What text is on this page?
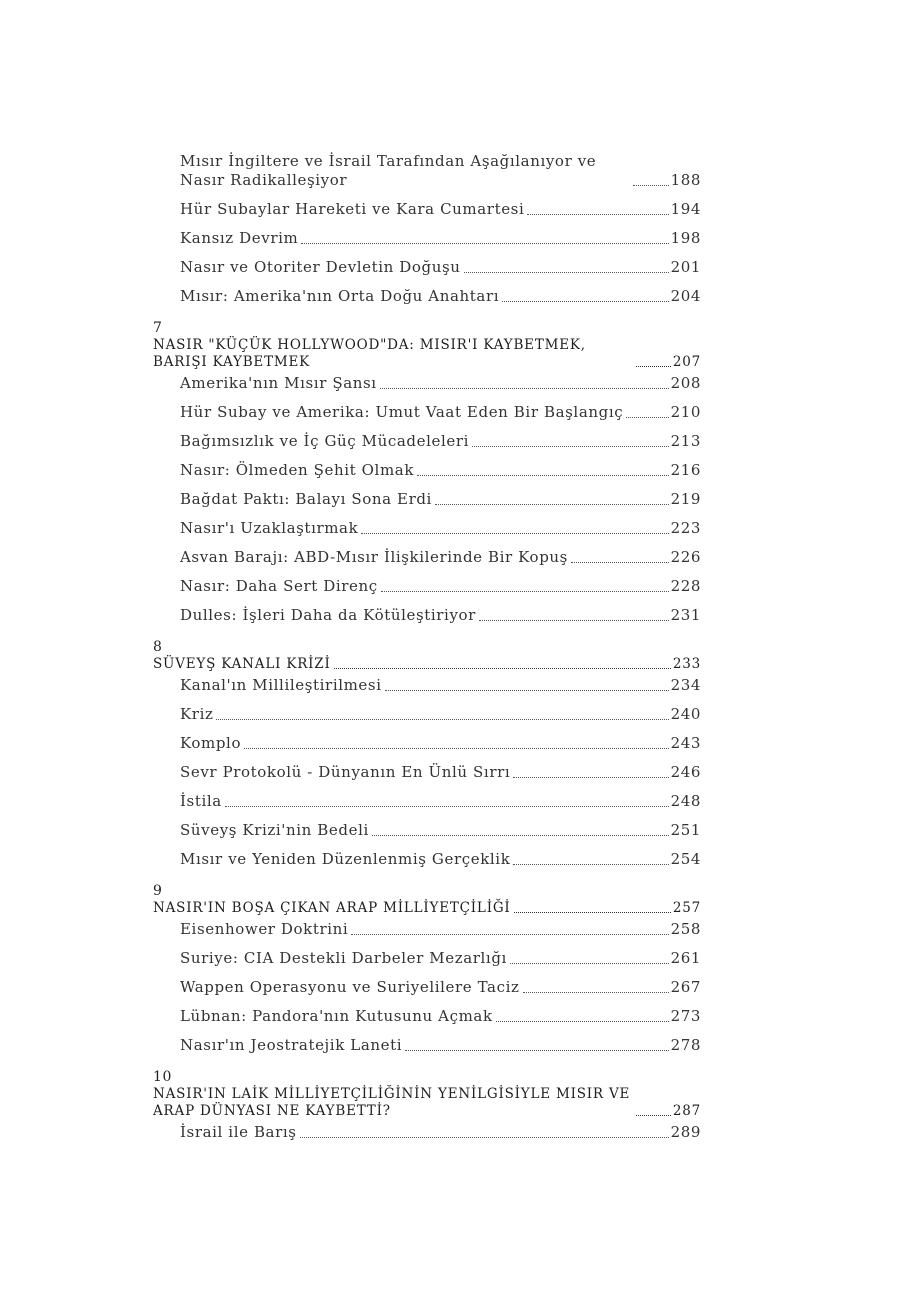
Mısır İngiltere ve İsrail Tarafından Aşağılanıyor ve Nasır Radikalleşiyor	188
Hür Subaylar Hareketi ve Kara Cumartesi	194
Kansız Devrim	198
Nasır ve Otoriter Devletin Doğuşu	201
Mısır: Amerika'nın Orta Doğu Anahtarı	204
7
NASIR "KÜÇÜK HOLLYWOOD"DA: MISIR'I KAYBETMEK, BARIŞI KAYBETMEK	207
Amerika'nın Mısır Şansı	208
Hür Subay ve Amerika: Umut Vaat Eden Bir Başlangıç	210
Bağımsızlık ve İç Güç Mücadeleleri	213
Nasır: Ölmeden Şehit Olmak	216
Bağdat Paktı: Balayı Sona Erdi	219
Nasır'ı Uzaklaştırmak	223
Asvan Barajı: ABD-Mısır İlişkilerinde Bir Kopuş	226
Nasır: Daha Sert Direnç	228
Dulles: İşleri Daha da Kötüleştiriyor	231
8
SÜVEYŞ KANALI KRİZİ	233
Kanal'ın Millileştirilmesi	234
Kriz	240
Komplo	243
Sevr Protokolü - Dünyanın En Ünlü Sırrı	246
İstila	248
Süveyş Krizi'nin Bedeli	251
Mısır ve Yeniden Düzenlenmiş Gerçeklik	254
9
NASIR'IN BOŞA ÇIKAN ARAP MİLLİYETÇİLİĞİ	257
Eisenhower Doktrini	258
Suriye: CIA Destekli Darbeler Mezarlığı	261
Wappen Operasyonu ve Suriyelilere Taciz	267
Lübnan: Pandora'nın Kutusunu Açmak	273
Nasır'ın Jeostratejik Laneti	278
10
NASIR'IN LAİK MİLLİYETÇİLİĞİNİN YENİLGİSİYLE MISIR VE ARAP DÜNYASI NE KAYBETTİ?	287
İsrail ile Barış	289
